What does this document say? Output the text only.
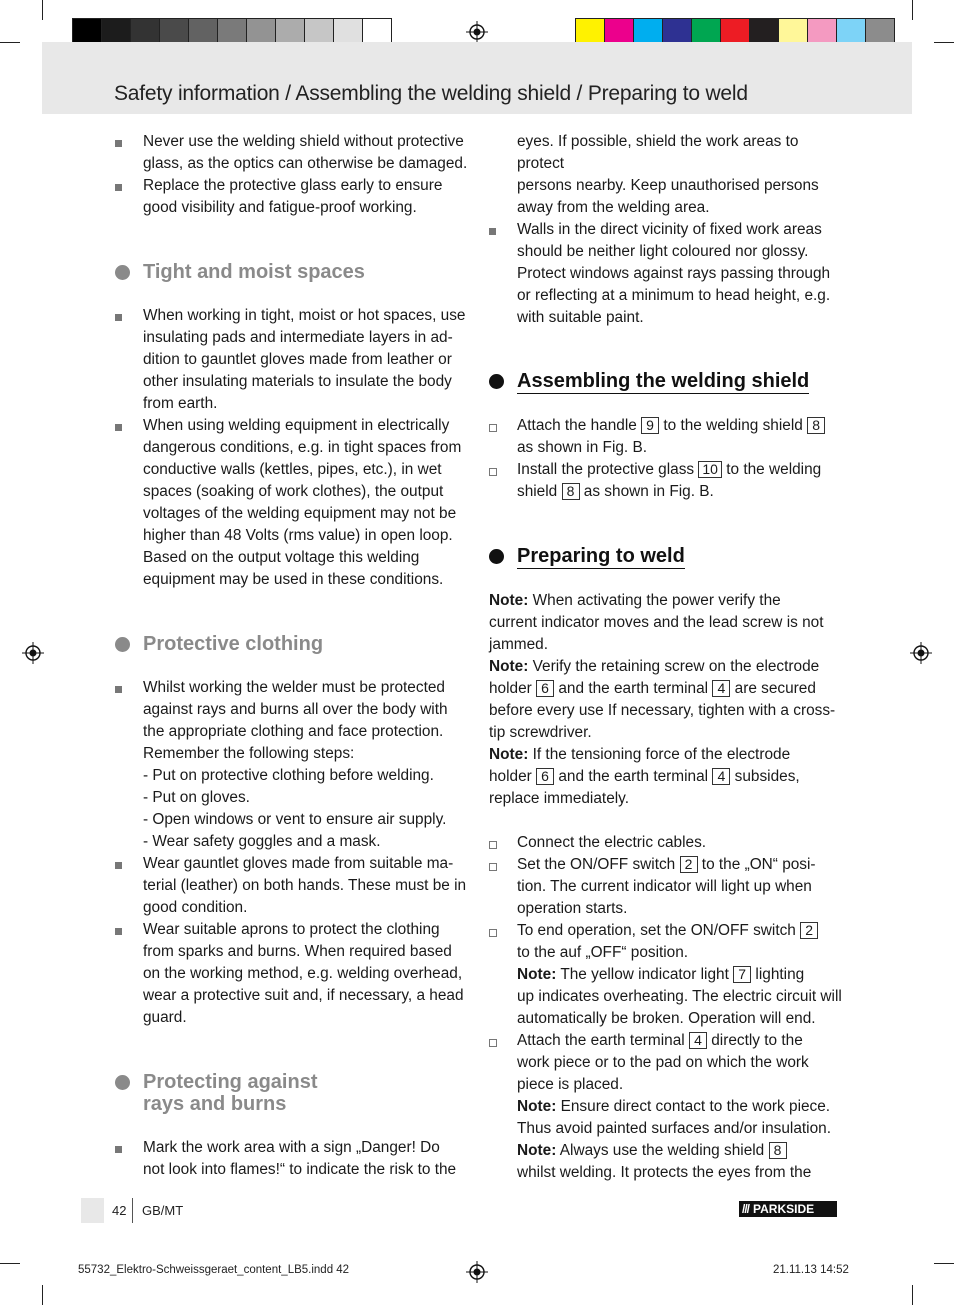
Safety information / Assembling the welding shield / Preparing to weld
Never use the welding shield without protective
glass, as the optics can otherwise be damaged.
Replace the protective glass early to ensure
good visibility and fatigue-proof working.
Tight and moist spaces
When working in tight, moist or hot spaces, use
insulating pads and intermediate layers in ad-
dition to gauntlet gloves made from leather or
other insulating materials to insulate the body
from earth.
When using welding equipment in electrically
dangerous conditions, e.g. in tight spaces from
conductive walls (kettles, pipes, etc.), in wet
spaces (soaking of work clothes), the output
voltages of the welding equipment may not be
higher than 48 Volts (rms value) in open loop.
Based on the output voltage this welding
equipment may be used in these conditions.
Protective clothing
Whilst working the welder must be protected
against rays and burns all over the body with
the appropriate clothing and face protection.
Remember the following steps:
- Put on protective clothing before welding.
- Put on gloves.
- Open windows or vent to ensure air supply.
- Wear safety goggles and a mask.
Wear gauntlet gloves made from suitable ma-
terial (leather) on both hands. These must be in
good condition.
Wear suitable aprons to protect the clothing
from sparks and burns. When required based
on the working method, e.g. welding overhead,
wear a protective suit and, if necessary, a head
guard.
Protecting against
rays and burns
Mark the work area with a sign „Danger! Do
not look into flames!“ to indicate the risk to the
eyes. If possible, shield the work areas to protect
persons nearby. Keep unauthorised persons
away from the welding area.
Walls in the direct vicinity of fixed work areas
should be neither light coloured nor glossy.
Protect windows against rays passing through
or reflecting at a minimum to head height, e.g.
with suitable paint.
Assembling the welding shield
Attach the handle 9 to the welding shield 8
as shown in Fig. B.
Install the protective glass 10 to the welding
shield 8 as shown in Fig. B.
Preparing to weld
Note: When activating the power verify the
current indicator moves and the lead screw is not
jammed.
Note: Verify the retaining screw on the electrode
holder 6 and the earth terminal 4 are secured
before every use If necessary, tighten with a cross-
tip screwdriver.
Note: If the tensioning force of the electrode
holder 6 and the earth terminal 4 subsides,
replace immediately.
Connect the electric cables.
Set the ON/OFF switch 2 to the „ON“ posi-
tion. The current indicator will light up when
operation starts.
To end operation, set the ON/OFF switch 2
to the auf „OFF“ position.
Note: The yellow indicator light 7 lighting
up indicates overheating. The electric circuit will
automatically be broken. Operation will end.
Attach the earth terminal 4 directly to the
work piece or to the pad on which the work
piece is placed.
Note: Ensure direct contact to the work piece.
Thus avoid painted surfaces and/or insulation.
Note: Always use the welding shield 8
whilst welding. It protects the eyes from the
42 GB/MT	/// PARKSIDE
55732_Elektro-Schweissgeraet_content_LB5.indd 42	21.11.13 14:52
